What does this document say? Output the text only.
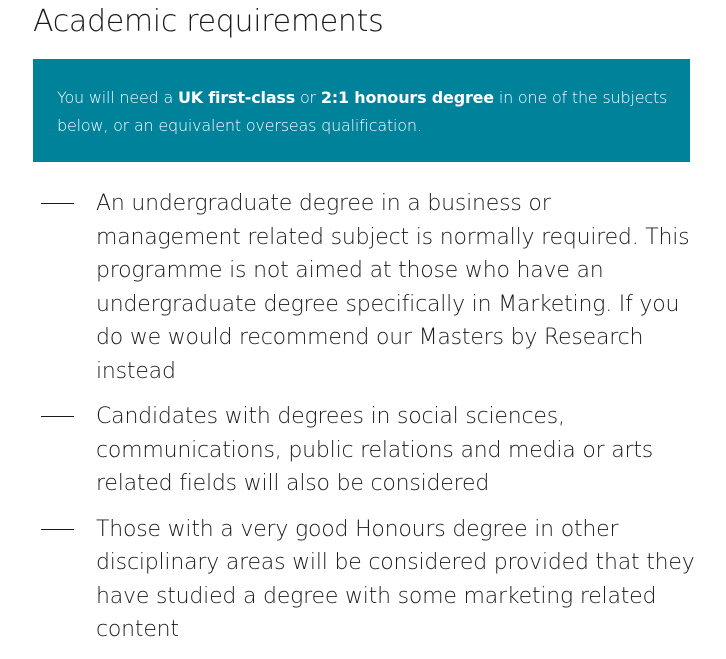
Academic requirements
You will need a UK first-class or 2:1 honours degree in one of the subjects below, or an equivalent overseas qualification.
An undergraduate degree in a business or management related subject is normally required. This programme is not aimed at those who have an undergraduate degree specifically in Marketing. If you do we would recommend our Masters by Research instead
Candidates with degrees in social sciences, communications, public relations and media or arts related fields will also be considered
Those with a very good Honours degree in other disciplinary areas will be considered provided that they have studied a degree with some marketing related content
